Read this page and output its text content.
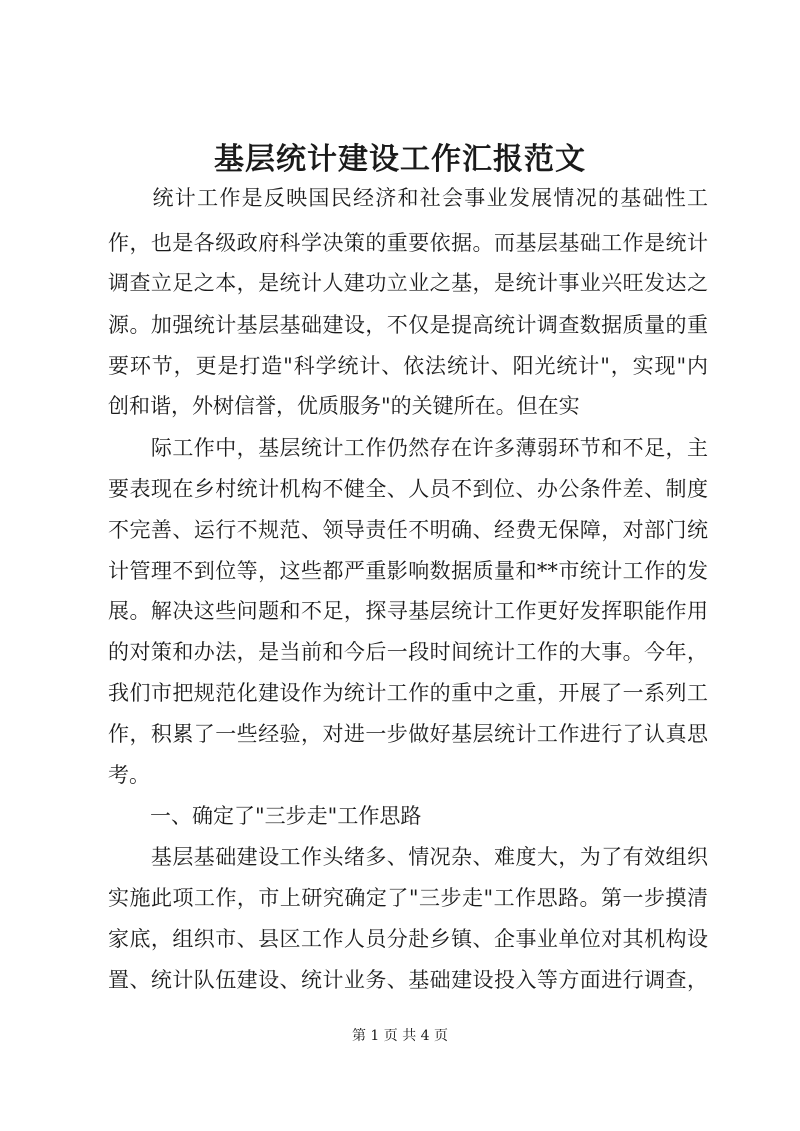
基层统计建设工作汇报范文
　　统计工作是反映国民经济和社会事业发展情况的基础性工
作，也是各级政府科学决策的重要依据。而基层基础工作是统计
调查立足之本，是统计人建功立业之基，是统计事业兴旺发达之
源。加强统计基层基础建设，不仅是提高统计调查数据质量的重
要环节，更是打造"科学统计、依法统计、阳光统计"，实现"内
创和谐，外树信誉，优质服务"的关键所在。但在实
　　际工作中，基层统计工作仍然存在许多薄弱环节和不足，主
要表现在乡村统计机构不健全、人员不到位、办公条件差、制度
不完善、运行不规范、领导责任不明确、经费无保障，对部门统
计管理不到位等，这些都严重影响数据质量和**市统计工作的发
展。解决这些问题和不足，探寻基层统计工作更好发挥职能作用
的对策和办法，是当前和今后一段时间统计工作的大事。今年，
我们市把规范化建设作为统计工作的重中之重，开展了一系列工
作，积累了一些经验，对进一步做好基层统计工作进行了认真思
考。
　　一、确定了"三步走"工作思路
　　基层基础建设工作头绪多、情况杂、难度大，为了有效组织
实施此项工作，市上研究确定了"三步走"工作思路。第一步摸清
家底，组织市、县区工作人员分赴乡镇、企事业单位对其机构设
置、统计队伍建设、统计业务、基础建设投入等方面进行调查，
第 1 页 共 4 页
